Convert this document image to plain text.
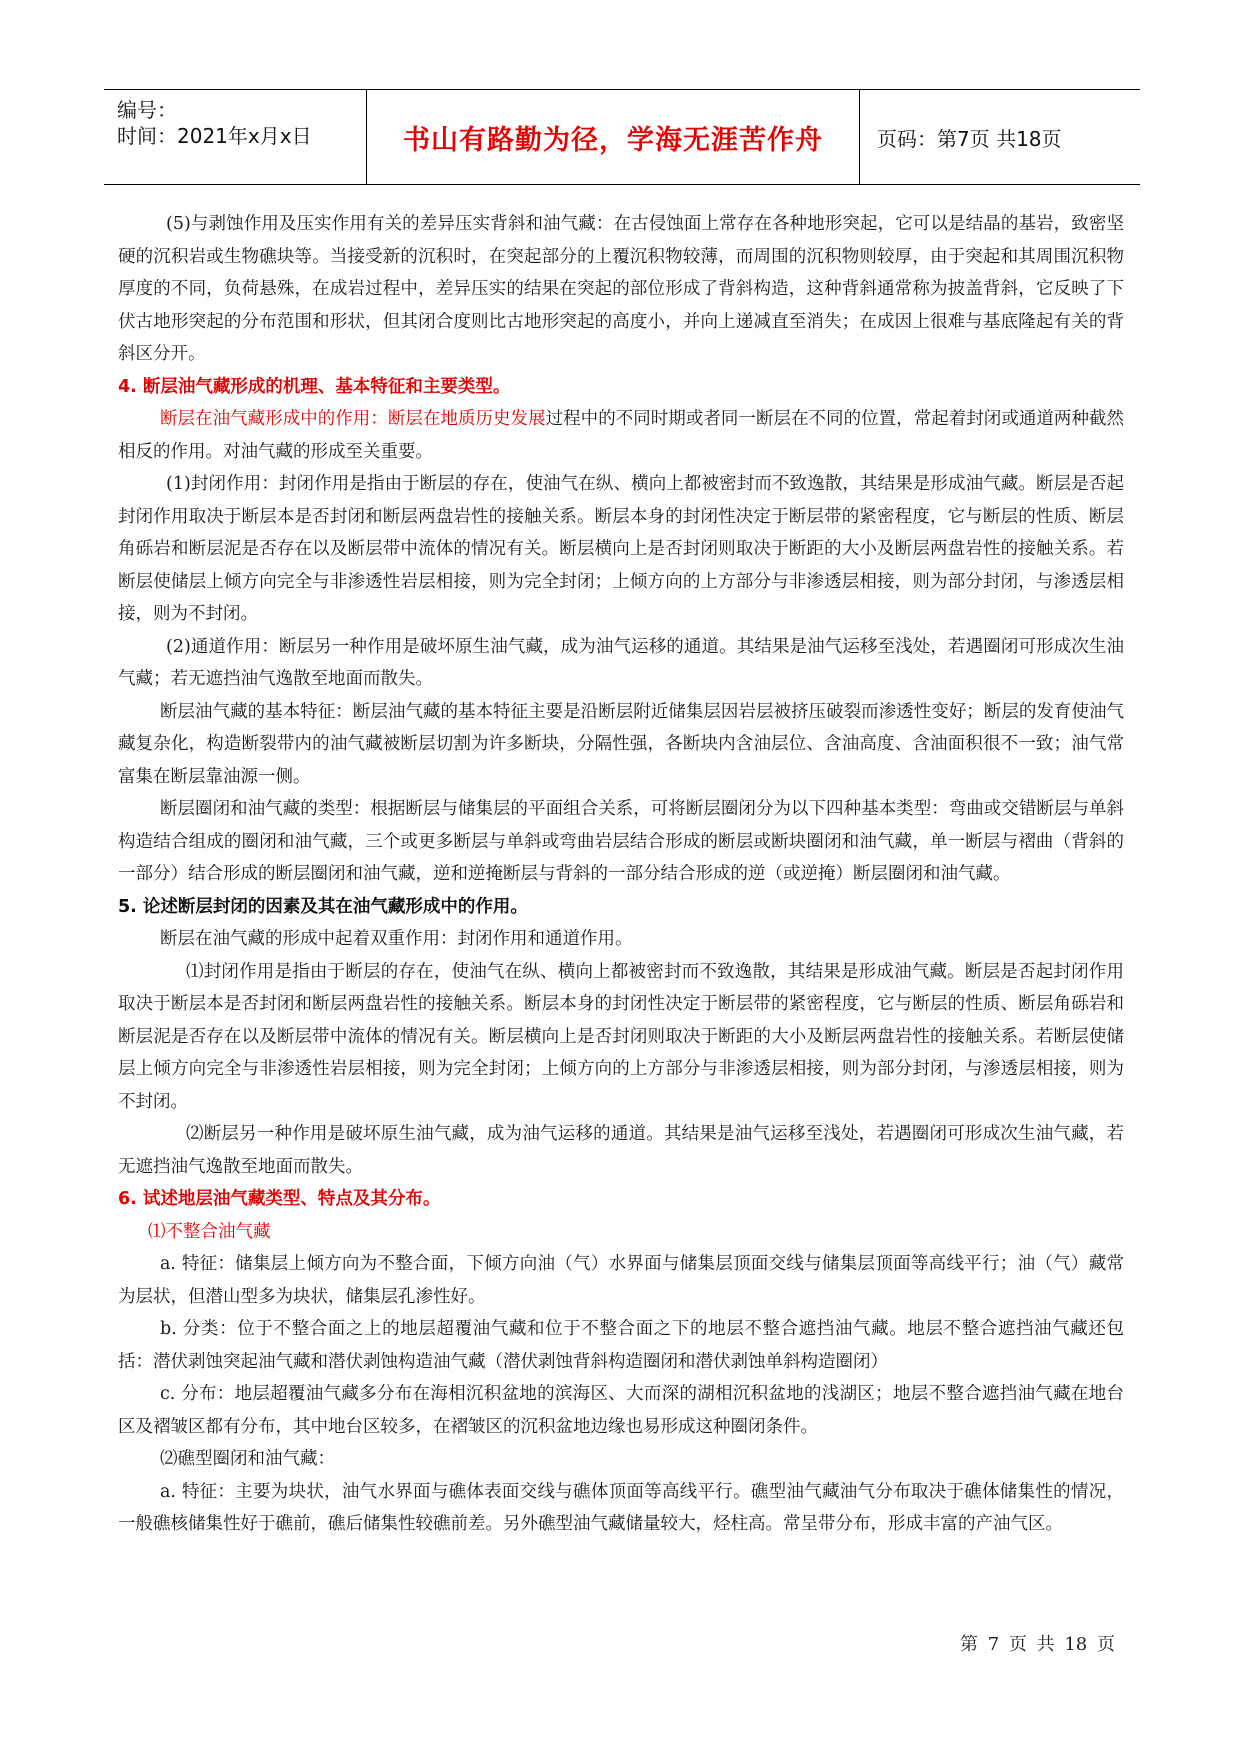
编号：
时间：2021年x月x日	书山有路勤为径，学海无涯苦作舟	页码：第7页 共18页

(5)与剥蚀作用及压实作用有关的差异压实背斜和油气藏：在古侵蚀面上常存在各种地形突起，它可以是结晶的基岩，致密坚硬的沉积岩或生物礁块等。当接受新的沉积时，在突起部分的上覆沉积物较薄，而周围的沉积物则较厚，由于突起和其周围沉积物厚度的不同，负荷悬殊，在成岩过程中，差异压实的结果在突起的部位形成了背斜构造，这种背斜通常称为披盖背斜，它反映了下伏古地形突起的分布范围和形状，但其闭合度则比古地形突起的高度小，并向上递减直至消失；在成因上很难与基底隆起有关的背斜区分开。

4. 断层油气藏形成的机理、基本特征和主要类型。

断层在油气藏形成中的作用：断层在地质历史发展过程中的不同时期或者同一断层在不同的位置，常起着封闭或通道两种截然相反的作用。对油气藏的形成至关重要。

(1)封闭作用：封闭作用是指由于断层的存在，使油气在纵、横向上都被密封而不致逸散，其结果是形成油气藏。断层是否起封闭作用取决于断层本是否封闭和断层两盘岩性的接触关系。断层本身的封闭性决定于断层带的紧密程度，它与断层的性质、断层角砾岩和断层泥是否存在以及断层带中流体的情况有关。断层横向上是否封闭则取决于断距的大小及断层两盘岩性的接触关系。若断层使储层上倾方向完全与非渗透性岩层相接，则为完全封闭；上倾方向的上方部分与非渗透层相接，则为部分封闭，与渗透层相接，则为不封闭。

(2)通道作用：断层另一种作用是破坏原生油气藏，成为油气运移的通道。其结果是油气运移至浅处，若遇圈闭可形成次生油气藏；若无遮挡油气逸散至地面而散失。

断层油气藏的基本特征：断层油气藏的基本特征主要是沿断层附近储集层因岩层被挤压破裂而渗透性变好；断层的发育使油气藏复杂化，构造断裂带内的油气藏被断层切割为许多断块，分隔性强，各断块内含油层位、含油高度、含油面积很不一致；油气常富集在断层靠油源一侧。

断层圈闭和油气藏的类型：根据断层与储集层的平面组合关系，可将断层圈闭分为以下四种基本类型：弯曲或交错断层与单斜构造结合组成的圈闭和油气藏，三个或更多断层与单斜或弯曲岩层结合形成的断层或断块圈闭和油气藏，单一断层与褶曲（背斜的一部分）结合形成的断层圈闭和油气藏，逆和逆掩断层与背斜的一部分结合形成的逆（或逆掩）断层圈闭和油气藏。

5. 论述断层封闭的因素及其在油气藏形成中的作用。

断层在油气藏的形成中起着双重作用：封闭作用和通道作用。

⑴封闭作用是指由于断层的存在，使油气在纵、横向上都被密封而不致逸散，其结果是形成油气藏。断层是否起封闭作用取决于断层本是否封闭和断层两盘岩性的接触关系。断层本身的封闭性决定于断层带的紧密程度，它与断层的性质、断层角砾岩和断层泥是否存在以及断层带中流体的情况有关。断层横向上是否封闭则取决于断距的大小及断层两盘岩性的接触关系。若断层使储层上倾方向完全与非渗透性岩层相接，则为完全封闭；上倾方向的上方部分与非渗透层相接，则为部分封闭，与渗透层相接，则为不封闭。

⑵断层另一种作用是破坏原生油气藏，成为油气运移的通道。其结果是油气运移至浅处，若遇圈闭可形成次生油气藏，若无遮挡油气逸散至地面而散失。

6. 试述地层油气藏类型、特点及其分布。

⑴不整合油气藏

a. 特征：储集层上倾方向为不整合面，下倾方向油（气）水界面与储集层顶面交线与储集层顶面等高线平行；油（气）藏常为层状，但潜山型多为块状，储集层孔渗性好。

b. 分类：位于不整合面之上的地层超覆油气藏和位于不整合面之下的地层不整合遮挡油气藏。地层不整合遮挡油气藏还包括：潜伏剥蚀突起油气藏和潜伏剥蚀构造油气藏（潜伏剥蚀背斜构造圈闭和潜伏剥蚀单斜构造圈闭）

c. 分布：地层超覆油气藏多分布在海相沉积盆地的滨海区、大而深的湖相沉积盆地的浅湖区；地层不整合遮挡油气藏在地台区及褶皱区都有分布，其中地台区较多，在褶皱区的沉积盆地边缘也易形成这种圈闭条件。

⑵礁型圈闭和油气藏：

a. 特征：主要为块状，油气水界面与礁体表面交线与礁体顶面等高线平行。礁型油气藏油气分布取决于礁体储集性的情况，一般礁核储集性好于礁前，礁后储集性较礁前差。另外礁型油气藏储量较大，烃柱高。常呈带分布，形成丰富的产油气区。

第 7 页 共 18 页
